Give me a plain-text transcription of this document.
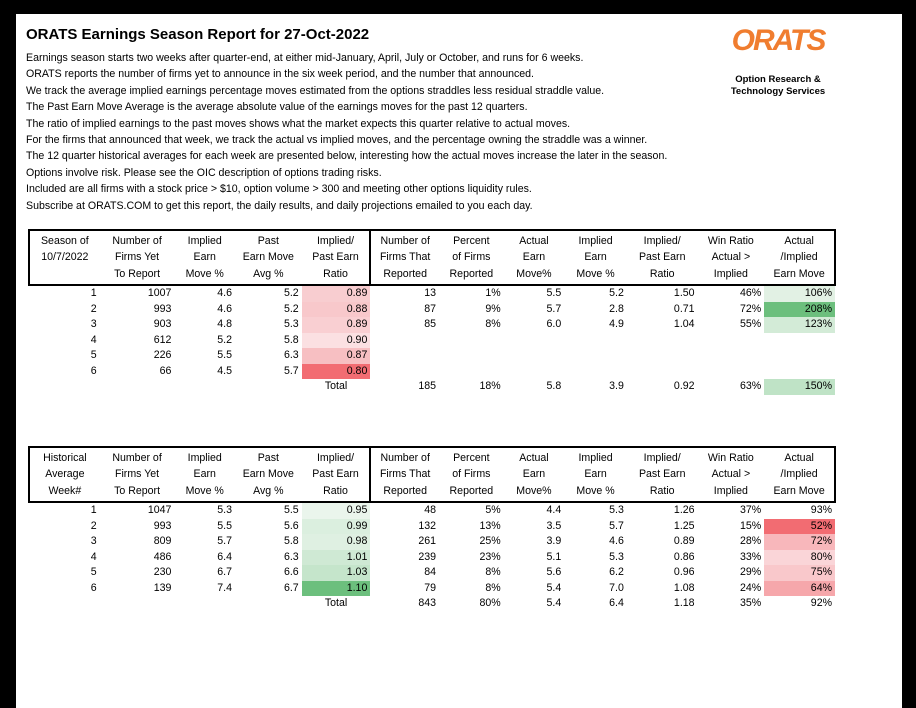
ORATS Earnings Season Report for 27-Oct-2022
Earnings season starts two weeks after quarter-end, at either mid-January, April, July or October, and runs for 6 weeks.
ORATS reports the number of firms yet to announce in the six week period, and the number that announced.
We track the average implied earnings percentage moves estimated from the options straddles less residual straddle value.
The Past Earn Move Average is the average absolute value of the earnings moves for the past 12 quarters.
The ratio of implied earnings to the past moves shows what the market expects this quarter relative to actual moves.
For the firms that announced that week, we track the actual vs implied moves, and the percentage owning the straddle was a winner.
The 12 quarter historical averages for each week are presented below, interesting how the actual moves increase the later in the season.
Options involve risk. Please see the OIC description of options trading risks.
Included are all firms with a stock price > $10, option volume > 300 and meeting other options liquidity rules.
Subscribe at ORATS.COM to get this report, the daily results, and daily projections emailed to you each day.
ORATS
Option Research &
Technology Services
Season of	Number of	Implied	Past	Implied/	Number of	Percent	Actual	Implied	Implied/	Win Ratio	Actual
10/7/2022	Firms Yet	Earn	Earn Move	Past Earn	Firms That	of Firms	Earn	Earn	Past Earn	Actual >	/Implied
	To Report	Move %	Avg %	Ratio	Reported	Reported	Move%	Move %	Ratio	Implied	Earn Move
1	1007	4.6	5.2	0.89	13	1%	5.5	5.2	1.50	46%	106%
2	993	4.6	5.2	0.88	87	9%	5.7	2.8	0.71	72%	208%
3	903	4.8	5.3	0.89	85	8%	6.0	4.9	1.04	55%	123%
4	612	5.2	5.8	0.90							
5	226	5.5	6.3	0.87							
6	66	4.5	5.7	0.80							
				Total	185	18%	5.8	3.9	0.92	63%	150%
Historical	Number of	Implied	Past	Implied/	Number of	Percent	Actual	Implied	Implied/	Win Ratio	Actual
Average	Firms Yet	Earn	Earn Move	Past Earn	Firms That	of Firms	Earn	Earn	Past Earn	Actual >	/Implied
Week#	To Report	Move %	Avg %	Ratio	Reported	Reported	Move%	Move %	Ratio	Implied	Earn Move
1	1047	5.3	5.5	0.95	48	5%	4.4	5.3	1.26	37%	93%
2	993	5.5	5.6	0.99	132	13%	3.5	5.7	1.25	15%	52%
3	809	5.7	5.8	0.98	261	25%	3.9	4.6	0.89	28%	72%
4	486	6.4	6.3	1.01	239	23%	5.1	5.3	0.86	33%	80%
5	230	6.7	6.6	1.03	84	8%	5.6	6.2	0.96	29%	75%
6	139	7.4	6.7	1.10	79	8%	5.4	7.0	1.08	24%	64%
				Total	843	80%	5.4	6.4	1.18	35%	92%
